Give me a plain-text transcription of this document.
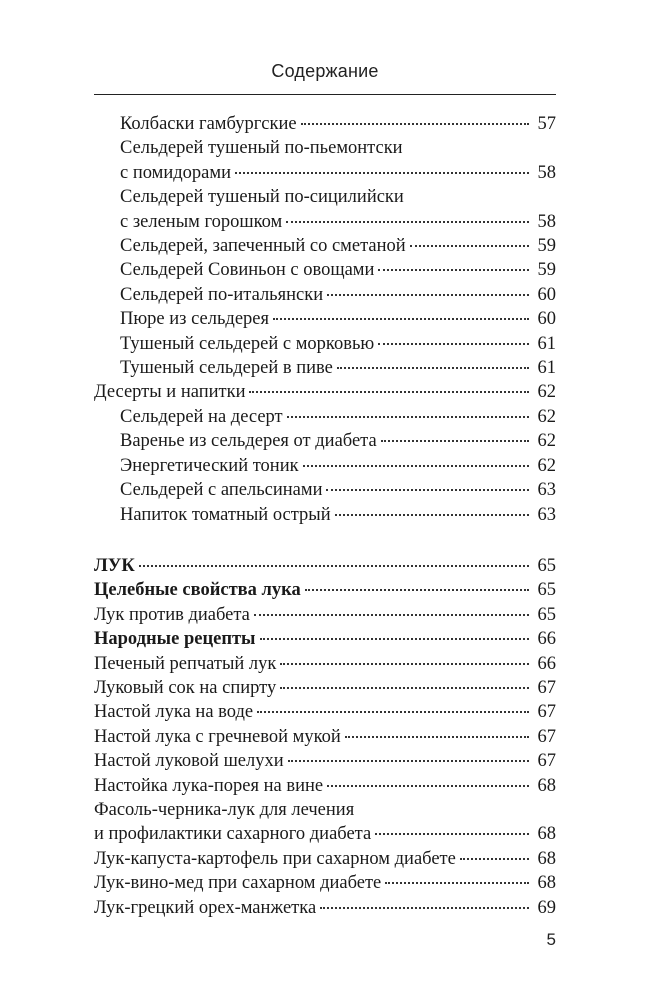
Содержание
Колбаски гамбургские	57
Сельдерей тушеный по-пьемонтски
с помидорами	58
Сельдерей тушеный по-сицилийски
с зеленым горошком	58
Сельдерей, запеченный со сметаной	59
Сельдерей Совиньон с овощами	59
Сельдерей по-итальянски	60
Пюре из сельдерея	60
Тушеный сельдерей с морковью	61
Тушеный сельдерей в пиве	61
Десерты и напитки	62
Сельдерей на десерт	62
Варенье из сельдерея от диабета	62
Энергетический тоник	62
Сельдерей с апельсинами	63
Напиток томатный острый	63
ЛУК	65
Целебные свойства лука	65
Лук против диабета	65
Народные рецепты	66
Печеный репчатый лук	66
Луковый сок на спирту	67
Настой лука на воде	67
Настой лука с гречневой мукой	67
Настой луковой шелухи	67
Настойка лука-порея на вине	68
Фасоль-черника-лук для лечения
и профилактики сахарного диабета	68
Лук-капуста-картофель при сахарном диабете	68
Лук-вино-мед при сахарном диабете	68
Лук-грецкий орех-манжетка	69
5
